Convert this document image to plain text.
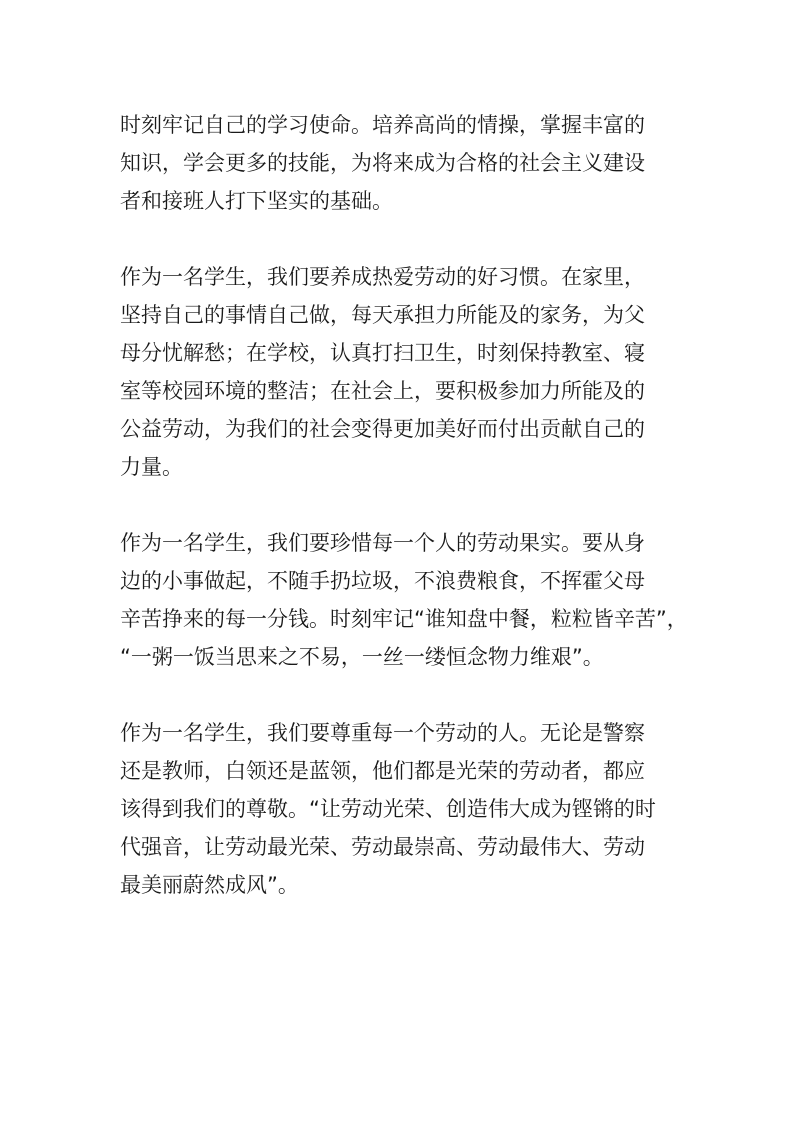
时刻牢记自己的学习使命。培养高尚的情操，掌握丰富的
知识，学会更多的技能，为将来成为合格的社会主义建设
者和接班人打下坚实的基础。

作为一名学生，我们要养成热爱劳动的好习惯。在家里，
坚持自己的事情自己做，每天承担力所能及的家务，为父
母分忧解愁；在学校，认真打扫卫生，时刻保持教室、寝
室等校园环境的整洁；在社会上，要积极参加力所能及的
公益劳动，为我们的社会变得更加美好而付出贡献自己的
力量。

作为一名学生，我们要珍惜每一个人的劳动果实。要从身
边的小事做起，不随手扔垃圾，不浪费粮食，不挥霍父母
辛苦挣来的每一分钱。时刻牢记“谁知盘中餐，粒粒皆辛苦”，
“一粥一饭当思来之不易，一丝一缕恒念物力维艰”。

作为一名学生，我们要尊重每一个劳动的人。无论是警察
还是教师，白领还是蓝领，他们都是光荣的劳动者，都应
该得到我们的尊敬。“让劳动光荣、创造伟大成为铿锵的时
代强音，让劳动最光荣、劳动最崇高、劳动最伟大、劳动
最美丽蔚然成风”。
